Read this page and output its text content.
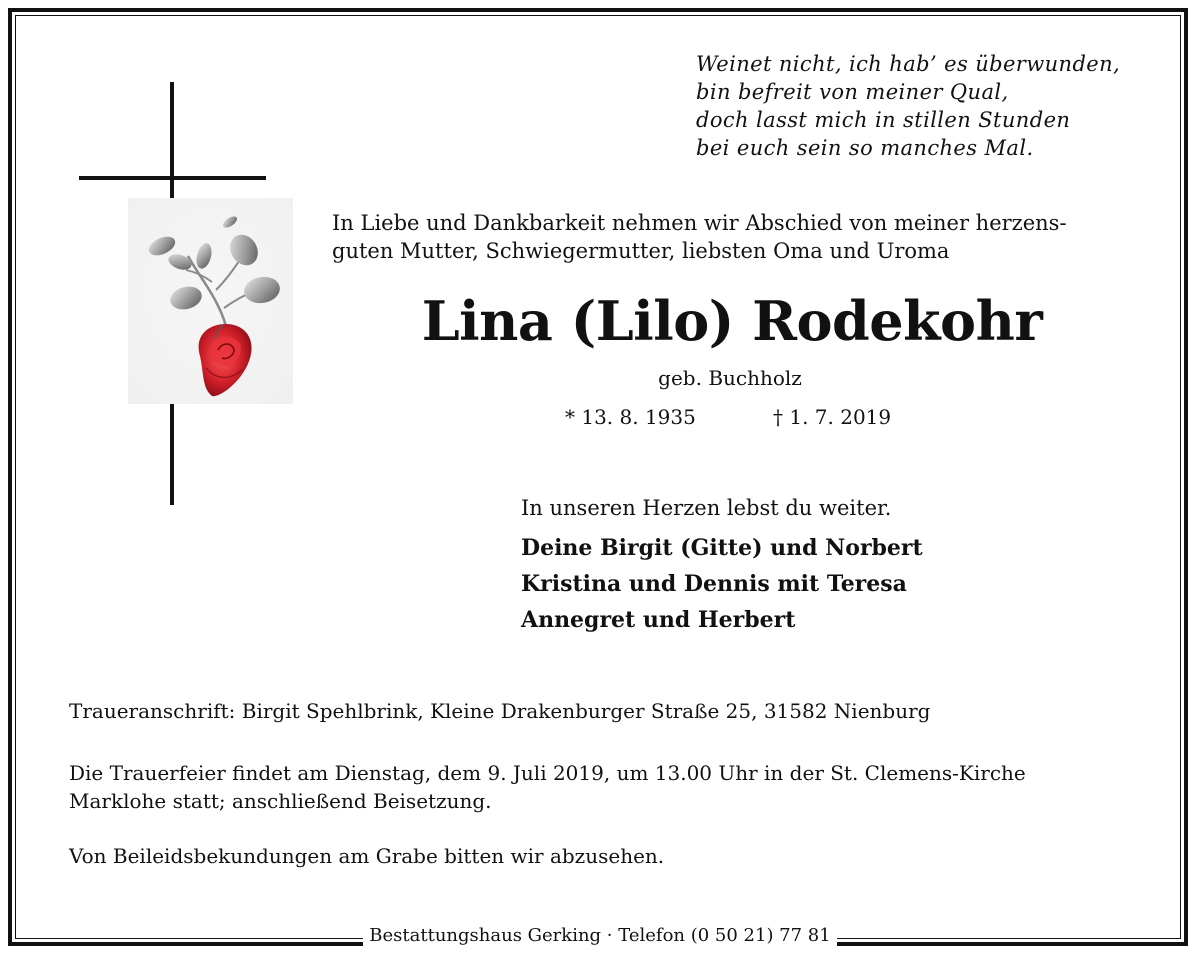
Weinet nicht, ich hab’ es überwunden,
bin befreit von meiner Qual,
doch lasst mich in stillen Stunden
bei euch sein so manches Mal.
In Liebe und Dankbarkeit nehmen wir Abschied von meiner herzens-
guten Mutter, Schwiegermutter, liebsten Oma und Uroma
Lina (Lilo) Rodekohr
geb. Buchholz
* 13. 8. 1935	† 1. 7. 2019
In unseren Herzen lebst du weiter.
Deine Birgit (Gitte) und Norbert
Kristina und Dennis mit Teresa
Annegret und Herbert
Traueranschrift: Birgit Spehlbrink, Kleine Drakenburger Straße 25, 31582 Nienburg
Die Trauerfeier findet am Dienstag, dem 9. Juli 2019, um 13.00 Uhr in der St. Clemens-Kirche
Marklohe statt; anschließend Beisetzung.
Von Beileidsbekundungen am Grabe bitten wir abzusehen.
Bestattungshaus Gerking · Telefon (0 50 21) 77 81
